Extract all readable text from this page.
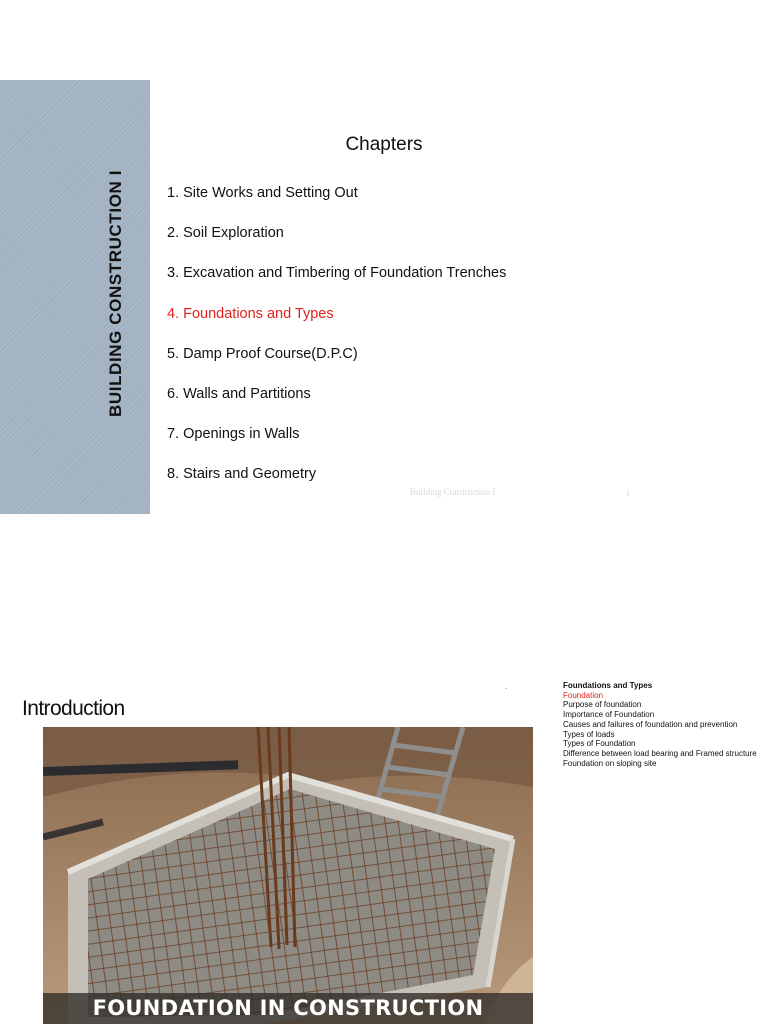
BUILDING CONSTRUCTION I
Chapters
1. Site Works and Setting Out
2. Soil Exploration
3. Excavation and Timbering of Foundation Trenches
4. Foundations and Types
5. Damp Proof Course(D.P.C)
6. Walls and Partitions
7. Openings in Walls
8. Stairs and Geometry
Building Construction I	1
Introduction
.	Foundations and Types
Foundation
Purpose of foundation
Importance of Foundation
Causes and failures of foundation and prevention
Types of loads
Types of Foundation
Difference between load bearing and Framed structure
Foundation on sloping site
FOUNDATION IN CONSTRUCTION
